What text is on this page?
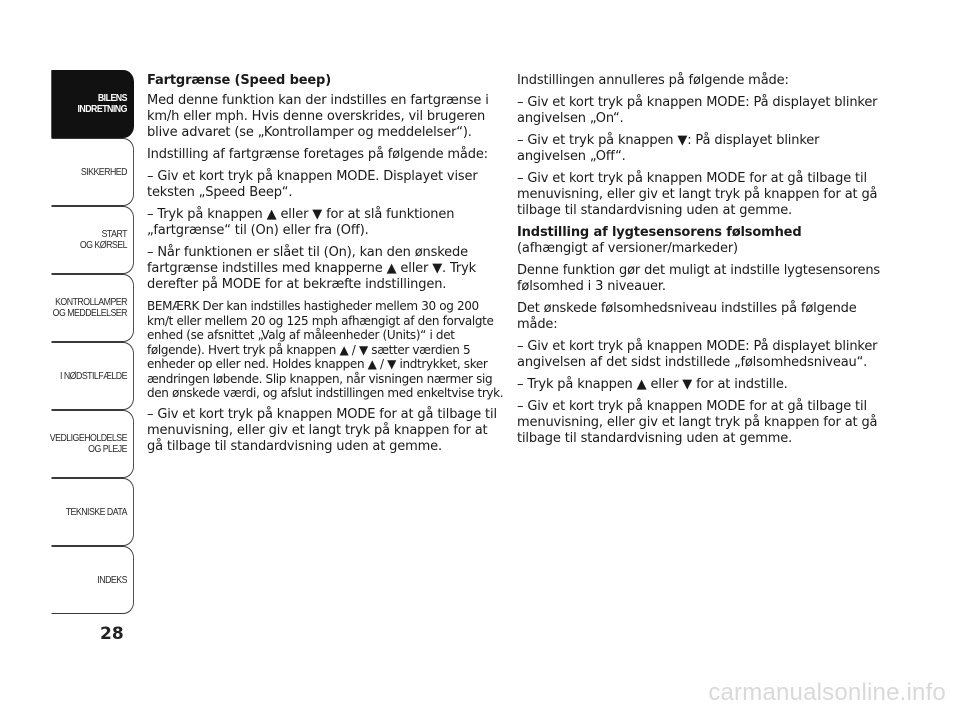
BILENS
INDRETNING
SIKKERHED
START
OG KØRSEL
KONTROLLAMPER
OG MEDDELELSER
I NØDSTILFÆLDE
VEDLIGEHOLDELSE
OG PLEJE
TEKNISKE DATA
INDEKS
28

Fartgrænse (Speed beep)

Med denne funktion kan der indstilles en fartgrænse i km/h eller mph. Hvis denne overskrides, vil brugeren blive advaret (se „Kontrollamper og meddelelser“).

Indstilling af fartgrænse foretages på følgende måde:

– Giv et kort tryk på knappen MODE. Displayet viser teksten „Speed Beep“.

– Tryk på knappen ▲ eller ▼ for at slå funktionen „fartgrænse“ til (On) eller fra (Off).

– Når funktionen er slået til (On), kan den ønskede fartgrænse indstilles med knapperne ▲ eller ▼. Tryk derefter på MODE for at bekræfte indstillingen.

BEMÆRK Der kan indstilles hastigheder mellem 30 og 200 km/t eller mellem 20 og 125 mph afhængigt af den forvalgte enhed (se afsnittet „Valg af måleenheder (Units)“ i det følgende). Hvert tryk på knappen ▲ / ▼ sætter værdien 5 enheder op eller ned. Holdes knappen ▲ / ▼ indtrykket, sker ændringen løbende. Slip knappen, når visningen nærmer sig den ønskede værdi, og afslut indstillingen med enkeltvise tryk.

– Giv et kort tryk på knappen MODE for at gå tilbage til menuvisning, eller giv et langt tryk på knappen for at gå tilbage til standardvisning uden at gemme.

Indstillingen annulleres på følgende måde:

– Giv et kort tryk på knappen MODE: På displayet blinker angivelsen „On“.

– Giv et tryk på knappen ▼: På displayet blinker angivelsen „Off“.

– Giv et kort tryk på knappen MODE for at gå tilbage til menuvisning, eller giv et langt tryk på knappen for at gå tilbage til standardvisning uden at gemme.

Indstilling af lygtesensorens følsomhed

(afhængigt af versioner/markeder)

Denne funktion gør det muligt at indstille lygtesensorens følsomhed i 3 niveauer.

Det ønskede følsomhedsniveau indstilles på følgende måde:

– Giv et kort tryk på knappen MODE: På displayet blinker angivelsen af det sidst indstillede „følsomhedsniveau“.

– Tryk på knappen ▲ eller ▼ for at indstille.

– Giv et kort tryk på knappen MODE for at gå tilbage til menuvisning, eller giv et langt tryk på knappen for at gå tilbage til standardvisning uden at gemme.

carmanualsonline.info
